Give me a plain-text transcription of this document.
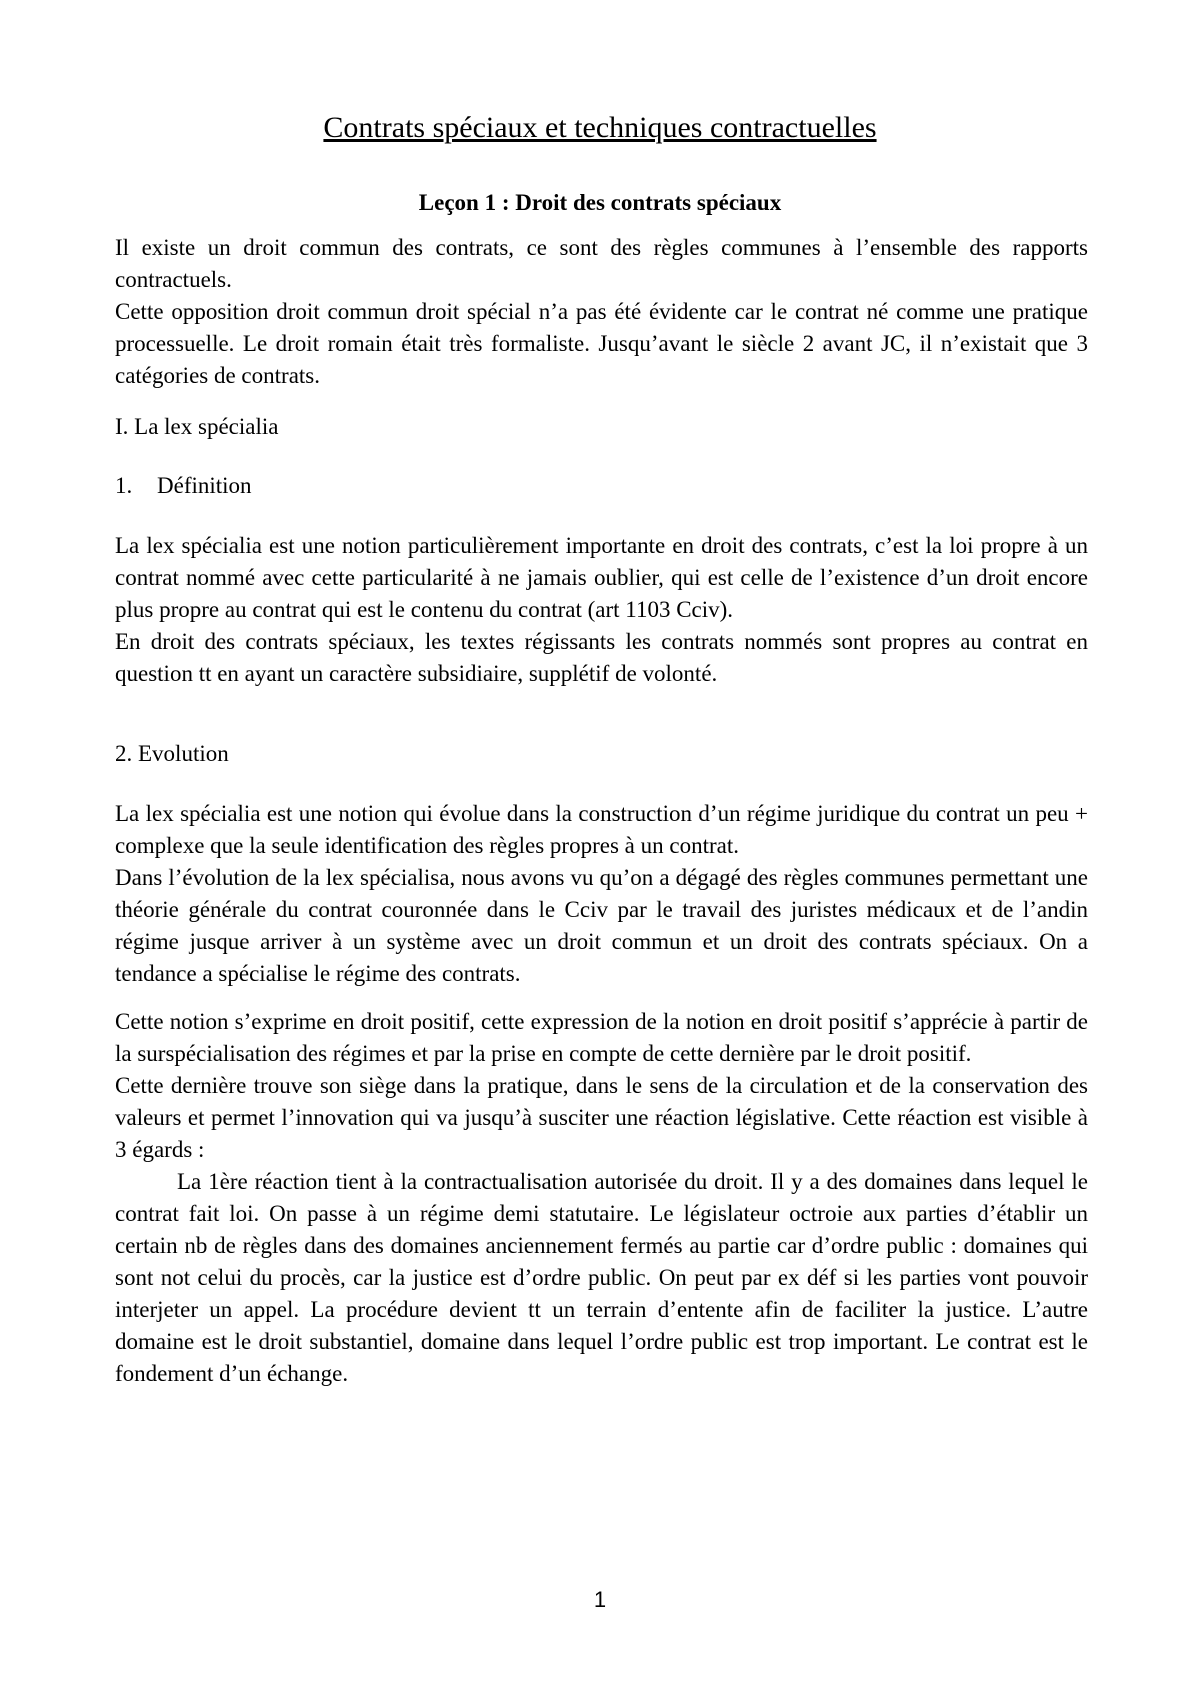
Contrats spéciaux et techniques contractuelles
Leçon 1 : Droit des contrats spéciaux

Il existe un droit commun des contrats, ce sont des règles communes à l’ensemble des rapports contractuels.

Cette opposition droit commun droit spécial n’a pas été évidente car le contrat né comme une pratique processuelle. Le droit romain était très formaliste. Jusqu’avant le siècle 2 avant JC, il n’existait que 3 catégories de contrats.

I. La lex spécialia
1. Définition

La lex spécialia est une notion particulièrement importante en droit des contrats, c’est la loi propre à un contrat nommé avec cette particularité à ne jamais oublier, qui est celle de l’existence d’un droit encore plus propre au contrat qui est le contenu du contrat (art 1103 Cciv).

En droit des contrats spéciaux, les textes régissants les contrats nommés sont propres au contrat en question tt en ayant un caractère subsidiaire, supplétif de volonté.

2. Evolution

La lex spécialia est une notion qui évolue dans la construction d’un régime juridique du contrat un peu + complexe que la seule identification des règles propres à un contrat.

Dans l’évolution de la lex spécialisa, nous avons vu qu’on a dégagé des règles communes permettant une théorie générale du contrat couronnée dans le Cciv par le travail des juristes médicaux et de l’andin régime jusque arriver à un système avec un droit commun et un droit des contrats spéciaux. On a tendance a spécialise le régime des contrats.

Cette notion s’exprime en droit positif, cette expression de la notion en droit positif s’apprécie à partir de la surspécialisation des régimes et par la prise en compte de cette dernière par le droit positif.

Cette dernière trouve son siège dans la pratique, dans le sens de la circulation et de la conservation des valeurs et permet l’innovation qui va jusqu’à susciter une réaction législative. Cette réaction est visible à 3 égards :

La 1ère réaction tient à la contractualisation autorisée du droit. Il y a des domaines dans lequel le contrat fait loi. On passe à un régime demi statutaire. Le législateur octroie aux parties d’établir un certain nb de règles dans des domaines anciennement fermés au partie car d’ordre public : domaines qui sont not celui du procès, car la justice est d’ordre public. On peut par ex déf si les parties vont pouvoir interjeter un appel. La procédure devient tt un terrain d’entente afin de faciliter la justice. L’autre domaine est le droit substantiel, domaine dans lequel l’ordre public est trop important. Le contrat est le fondement d’un échange.

1
